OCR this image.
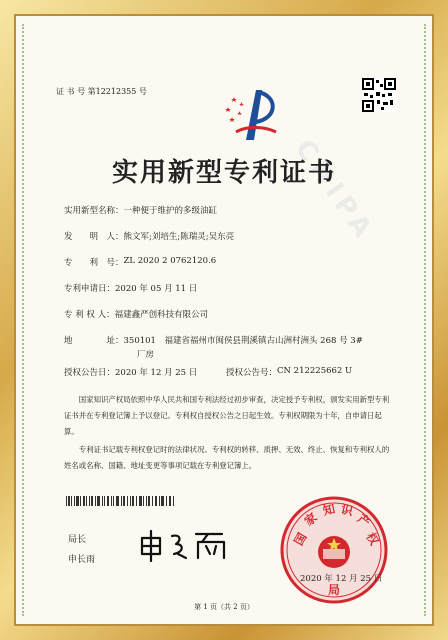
CNIPA
证 书 号 第12212355 号
实用新型专利证书
实用新型名称： 一种便于维护的多级油缸
发　　明　人： 熊文军;刘培生;陈瑞灵;吴东亮
专　　利　号： ZL 2020 2 0762120.6
专利申请日： 2020 年 05 月 11 日
专 利 权 人： 福建鑫严创科技有限公司
地　　　　址： 350101　福建省福州市闽侯县荆溪镇古山洲村洲头 268 号 3#
厂房
授权公告日： 2020 年 12 月 25 日	授权公告号： CN 212225662 U
国家知识产权局依照中华人民共和国专利法经过初步审查，决定授予专利权，颁发实用新型专利证书并在专利登记簿上予以登记。专利权自授权公告之日起生效。专利权期限为十年，自申请日起算。
专利证书记载专利权登记时的法律状况。专利权的转移、质押、无效、终止、恢复和专利权人的姓名或名称、国籍、地址变更等事项记载在专利登记簿上。
局长
申长雨
国
家
知 识
产
权
局
2020 年 12 月 25 日
第 1 页（共 2 页）
